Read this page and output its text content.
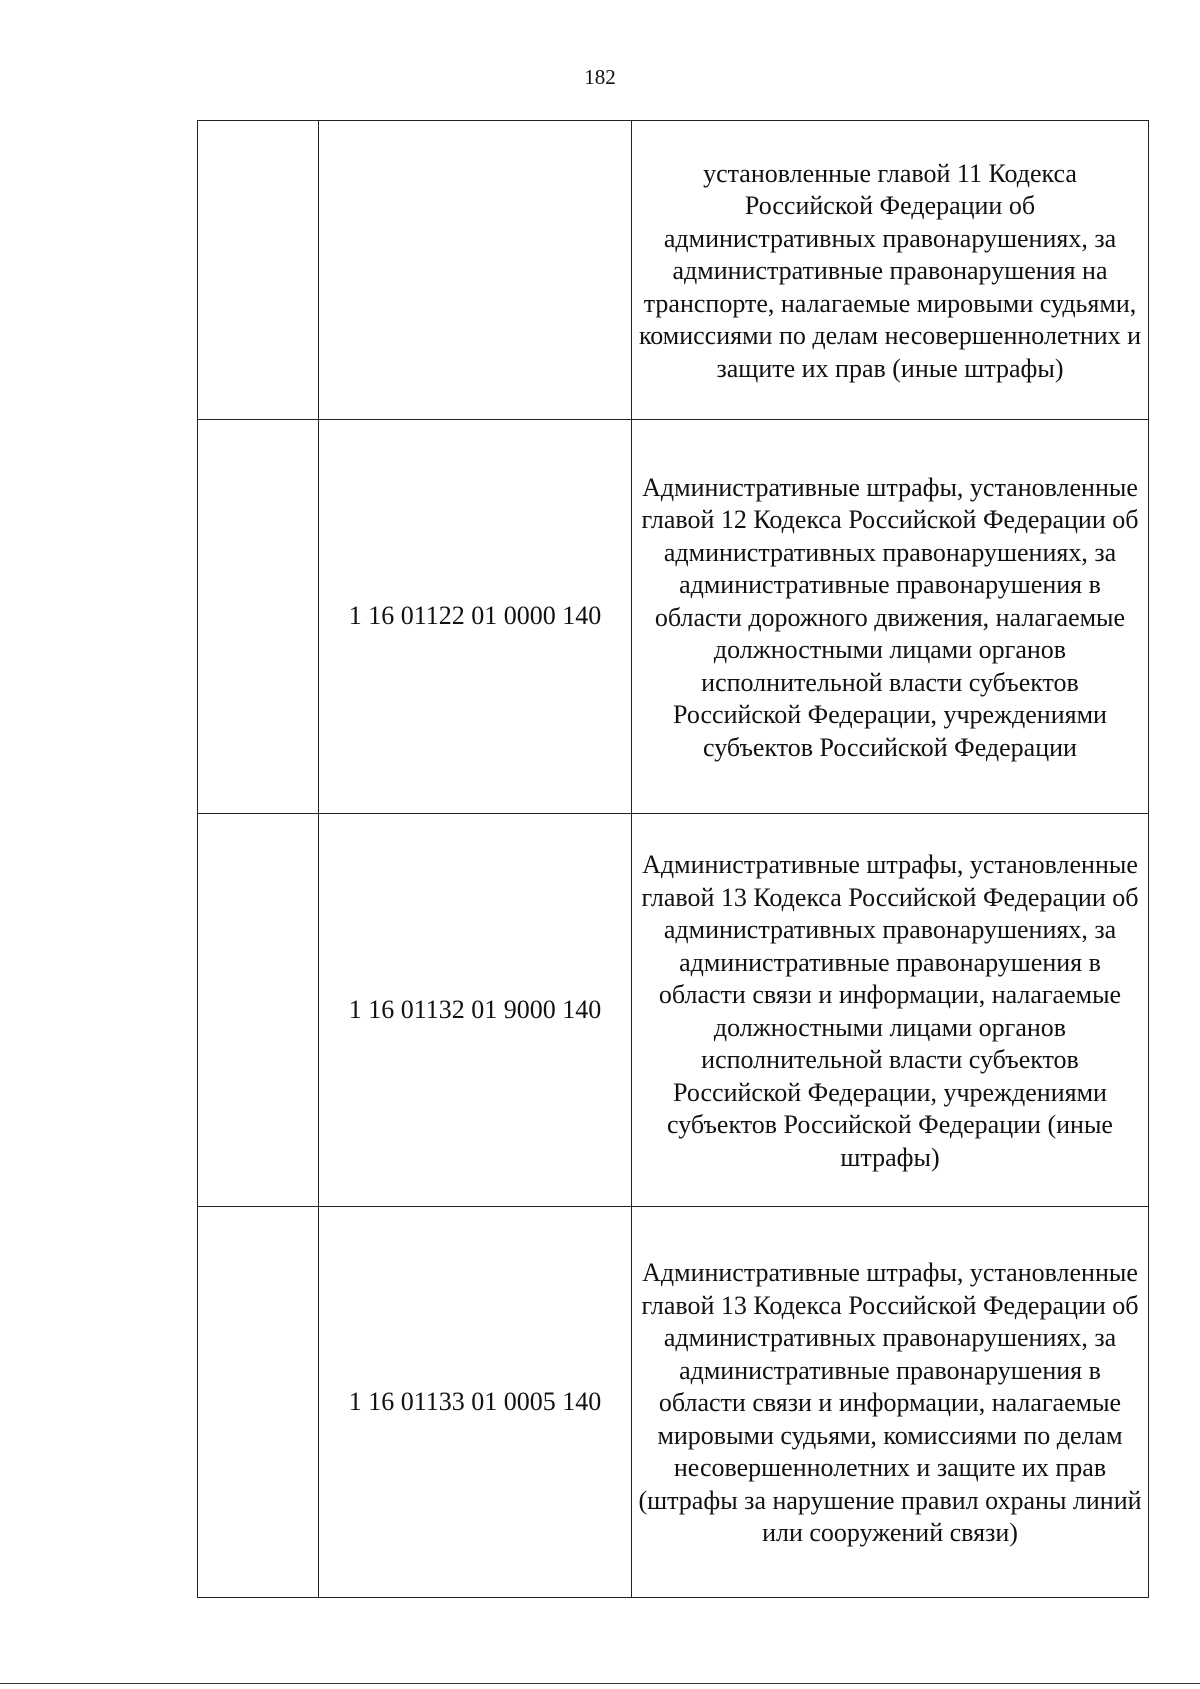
182
		установленные главой 11 Кодекса Российской Федерации об административных правонарушениях, за административные правонарушения на транспорте, налагаемые мировыми судьями, комиссиями по делам несовершеннолетних и защите их прав (иные штрафы)
	1 16 01122 01 0000 140	Административные штрафы, установленные главой 12 Кодекса Российской Федерации об административных правонарушениях, за административные правонарушения в области дорожного движения, налагаемые должностными лицами органов исполнительной власти субъектов Российской Федерации, учреждениями субъектов Российской Федерации
	1 16 01132 01 9000 140	Административные штрафы, установленные главой 13 Кодекса Российской Федерации об административных правонарушениях, за административные правонарушения в области связи и информации, налагаемые должностными лицами органов исполнительной власти субъектов Российской Федерации, учреждениями субъектов Российской Федерации (иные штрафы)
	1 16 01133 01 0005 140	Административные штрафы, установленные главой 13 Кодекса Российской Федерации об административных правонарушениях, за административные правонарушения в области связи и информации, налагаемые мировыми судьями, комиссиями по делам несовершеннолетних и защите их прав (штрафы за нарушение правил охраны линий или сооружений связи)
